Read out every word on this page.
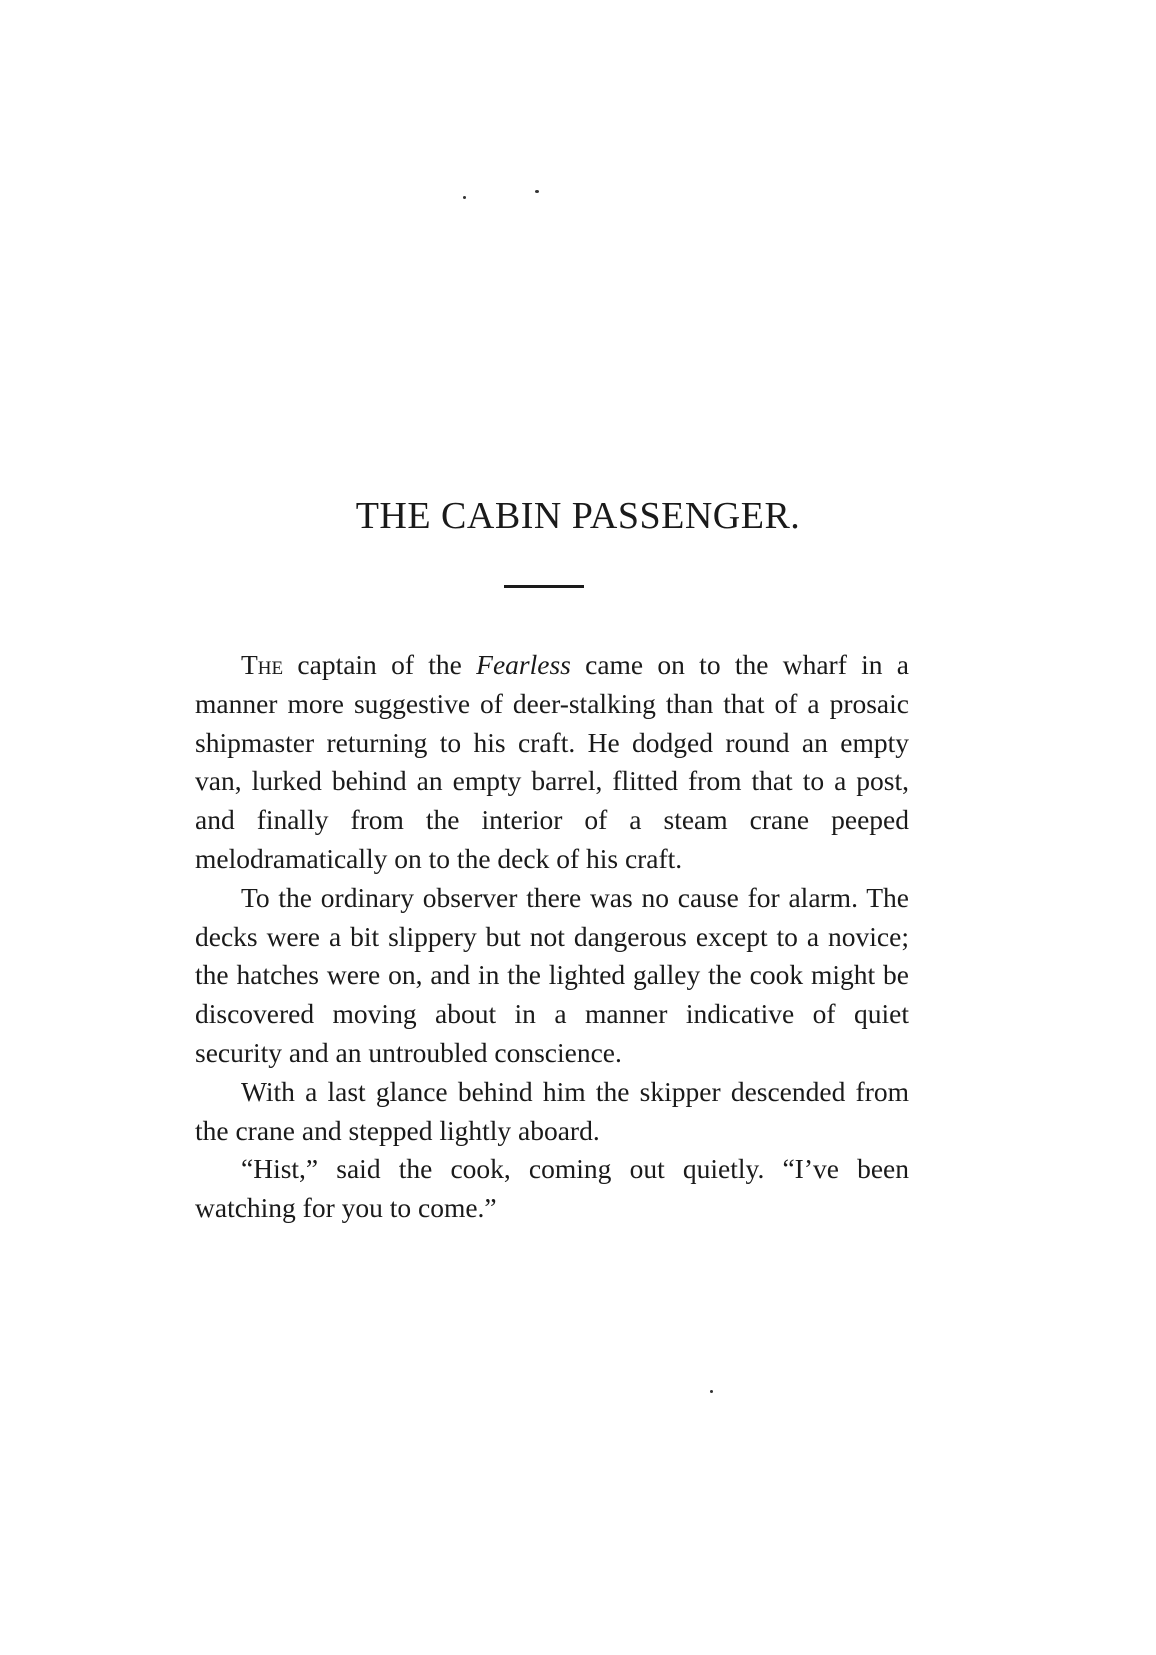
THE CABIN PASSENGER.

The captain of the Fearless came on to the wharf in a manner more suggestive of deer-stalking than that of a prosaic shipmaster returning to his craft. He dodged round an empty van, lurked behind an empty barrel, flitted from that to a post, and finally from the interior of a steam crane peeped melodramatically on to the deck of his craft.

To the ordinary observer there was no cause for alarm. The decks were a bit slippery but not dangerous except to a novice; the hatches were on, and in the lighted galley the cook might be discovered moving about in a manner indicative of quiet security and an untroubled conscience.

With a last glance behind him the skipper descended from the crane and stepped lightly aboard.

“Hist,” said the cook, coming out quietly. “I’ve been watching for you to come.”
